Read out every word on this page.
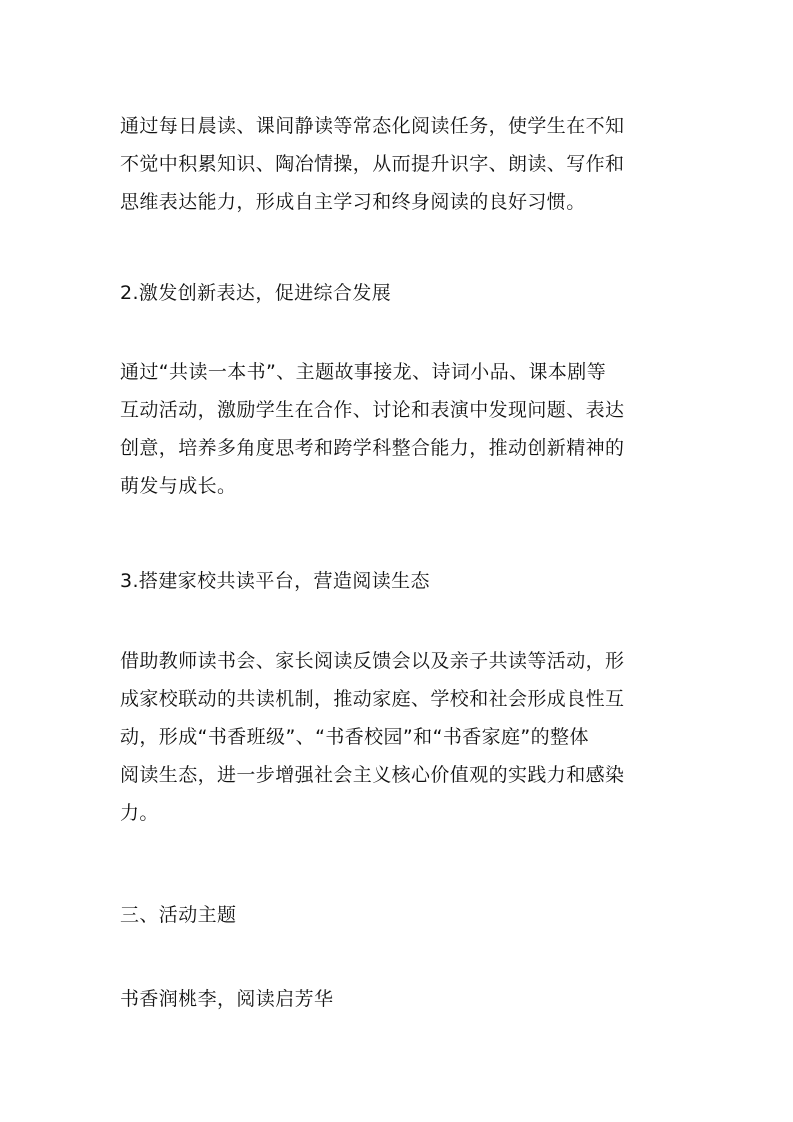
通过每日晨读、课间静读等常态化阅读任务，使学生在不知
不觉中积累知识、陶冶情操，从而提升识字、朗读、写作和
思维表达能力，形成自主学习和终身阅读的良好习惯。
2.激发创新表达，促进综合发展
通过“共读一本书”、主题故事接龙、诗词小品、课本剧等
互动活动，激励学生在合作、讨论和表演中发现问题、表达
创意，培养多角度思考和跨学科整合能力，推动创新精神的
萌发与成长。
3.搭建家校共读平台，营造阅读生态
借助教师读书会、家长阅读反馈会以及亲子共读等活动，形
成家校联动的共读机制，推动家庭、学校和社会形成良性互
动，形成“书香班级”、“书香校园”和“书香家庭”的整体
阅读生态，进一步增强社会主义核心价值观的实践力和感染
力。
三、活动主题
书香润桃李，阅读启芳华
